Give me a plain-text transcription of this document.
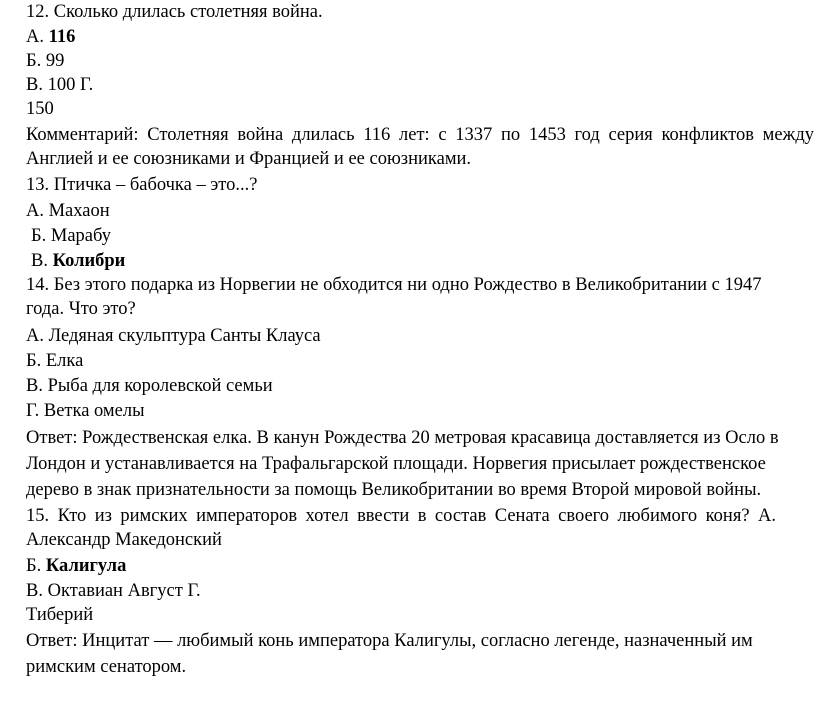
12. Сколько длилась столетняя война.
А. 116
Б. 99
В. 100 Г.
150
Комментарий: Столетняя война длилась 116 лет: с 1337 по 1453 год серия конфликтов между
Англией и ее союзниками и Францией и ее союзниками.
13. Птичка – бабочка – это...?
А. Махаон
Б. Марабу
В. Колибри
14. Без этого подарка из Норвегии не обходится ни одно Рождество в Великобритании с 1947
года. Что это?
А. Ледяная скульптура Санты Клауса
Б. Елка
В. Рыба для королевской семьи
Г. Ветка омелы
Ответ: Рождественская елка. В канун Рождества 20 метровая красавица доставляется из Осло в
Лондон и устанавливается на Трафальгарской площади. Норвегия присылает рождественское
дерево в знак признательности за помощь Великобритании во время Второй мировой войны.
15. Кто из римских императоров хотел ввести в состав Сената своего любимого коня? А.
Александр Македонский
Б. Калигула
В. Октавиан Август Г.
Тиберий
Ответ: Инцитат — любимый конь императора Калигулы, согласно легенде, назначенный им
римским сенатором.
